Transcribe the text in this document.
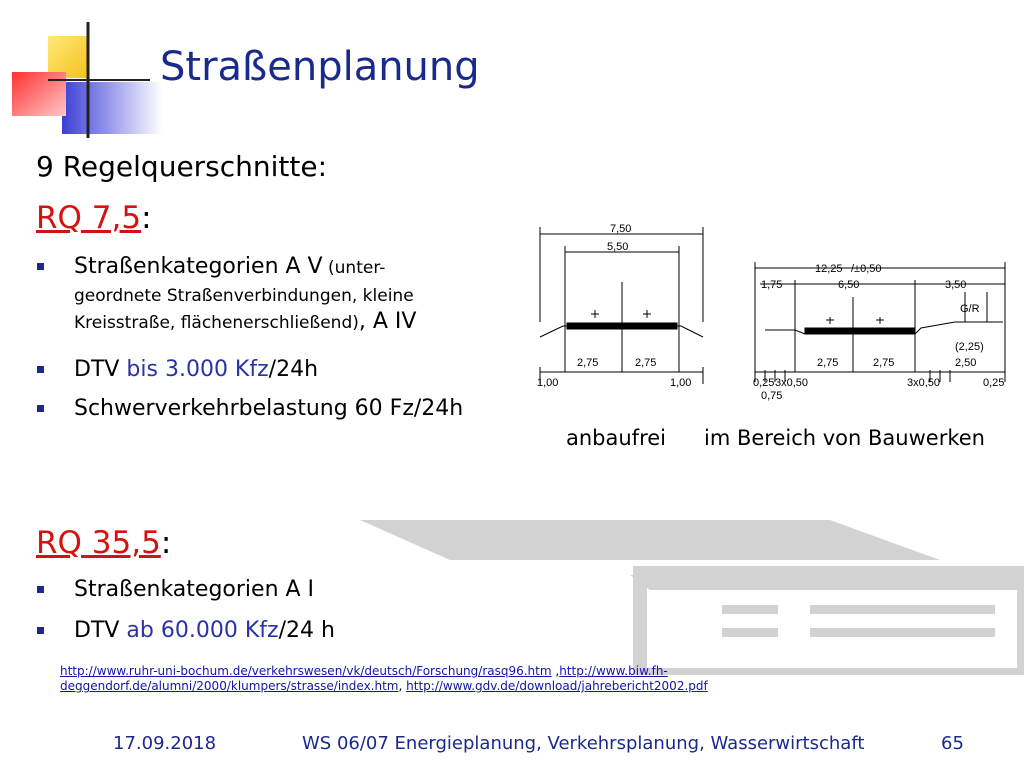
Straßenplanung
9 Regelquerschnitte:
RQ 7,5:
Straßenkategorien A V (unter-
geordnete Straßenverbindungen, kleine
Kreisstraße, flächenerschließend), A IV
DTV bis 3.000 Kfz/24h
Schwerverkehrbelastung 60 Fz/24h
7,50
5,50
2,75	2,75
1,00	1,00
12,25 /±0,50
1,75	6,50	3,50
G/R
2,75	2,75
(2,25)
2,50
0,25 3x0,50
0,75
3x0,50	0,25
anbaufrei im Bereich von Bauwerken
RQ 35,5:
Straßenkategorien A I
DTV ab 60.000 Kfz/24 h
http://www.ruhr-uni-bochum.de/verkehrswesen/vk/deutsch/Forschung/rasq96.htm ,http://www.biw.fh-
deggendorf.de/alumni/2000/klumpers/strasse/index.htm, http://www.gdv.de/download/jahrebericht2002.pdf
17.09.2018	WS 06/07 Energieplanung, Verkehrsplanung, Wasserwirtschaft	65
